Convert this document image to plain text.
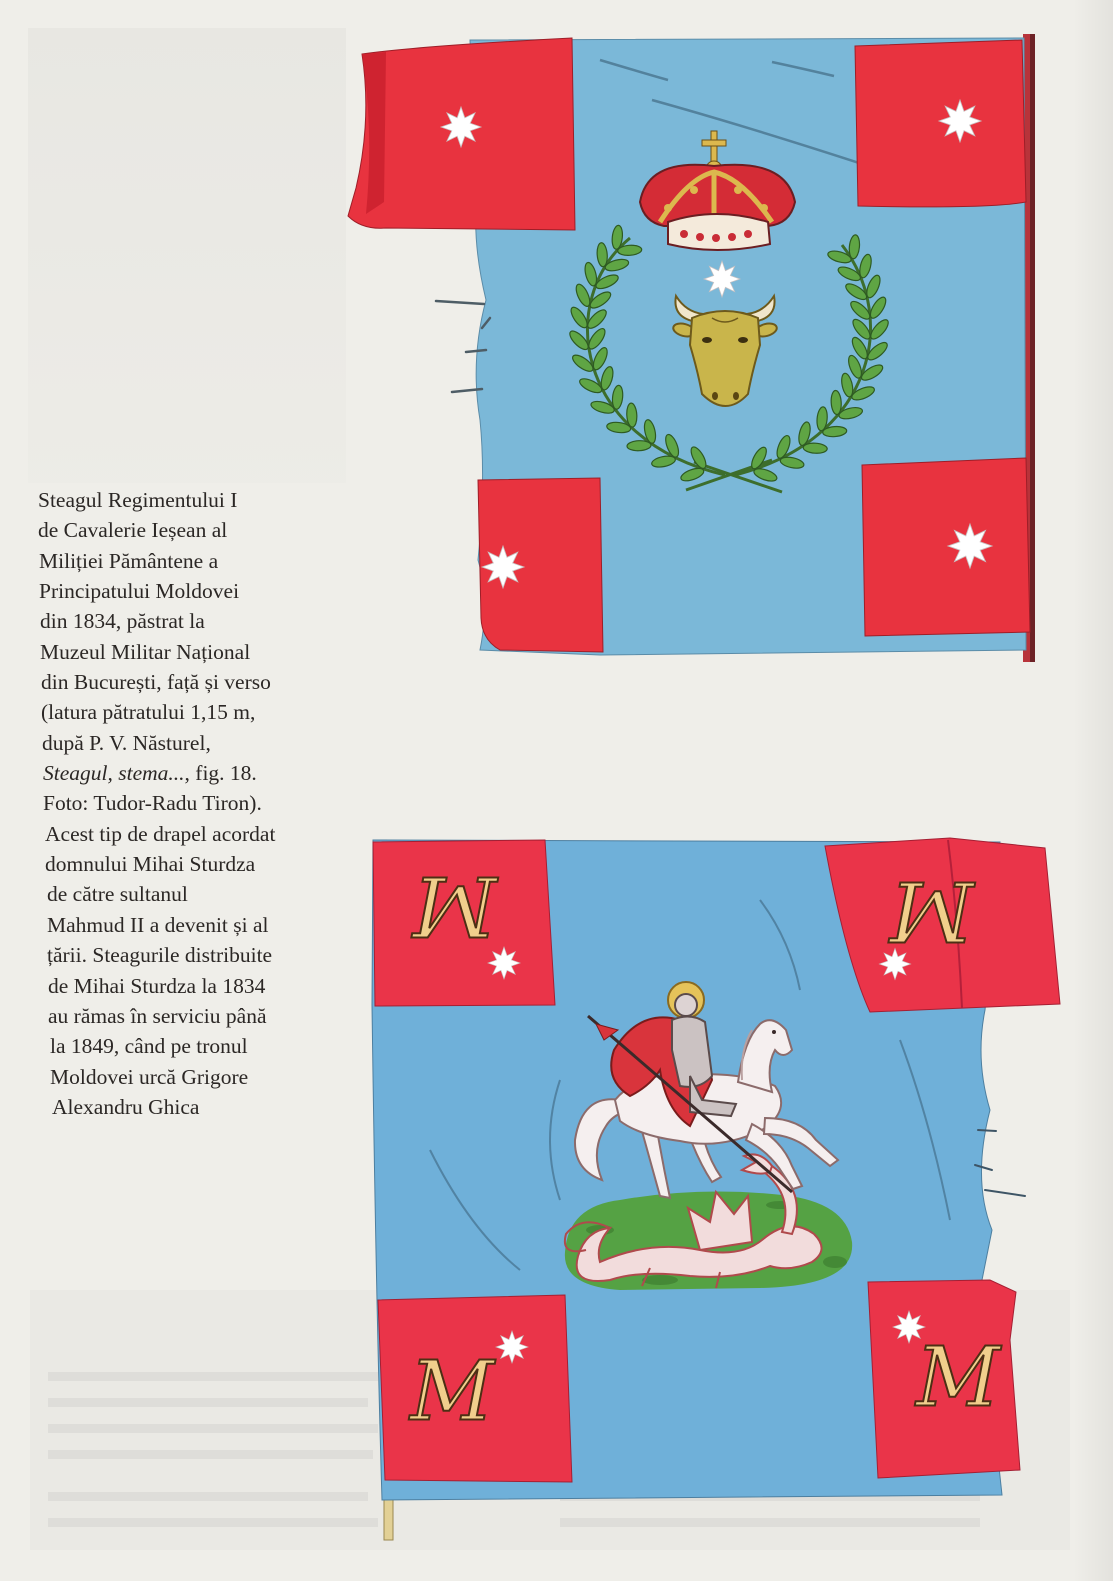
M	M
M	M
Steagul Regimentului I
de Cavalerie Ieșean al
Miliției Pământene a
Principatului Moldovei
din 1834, păstrat la
Muzeul Militar Național
din București, față și verso
(latura pătratului 1,15 m,
după P. V. Năsturel,
Steagul, stema..., fig. 18.
Foto: Tudor-Radu Tiron).
Acest tip de drapel acordat
domnului Mihai Sturdza
de către sultanul
Mahmud II a devenit și al
țării. Steagurile distribuite
de Mihai Sturdza la 1834
au rămas în serviciu până
la 1849, când pe tronul
Moldovei urcă Grigore
Alexandru Ghica
